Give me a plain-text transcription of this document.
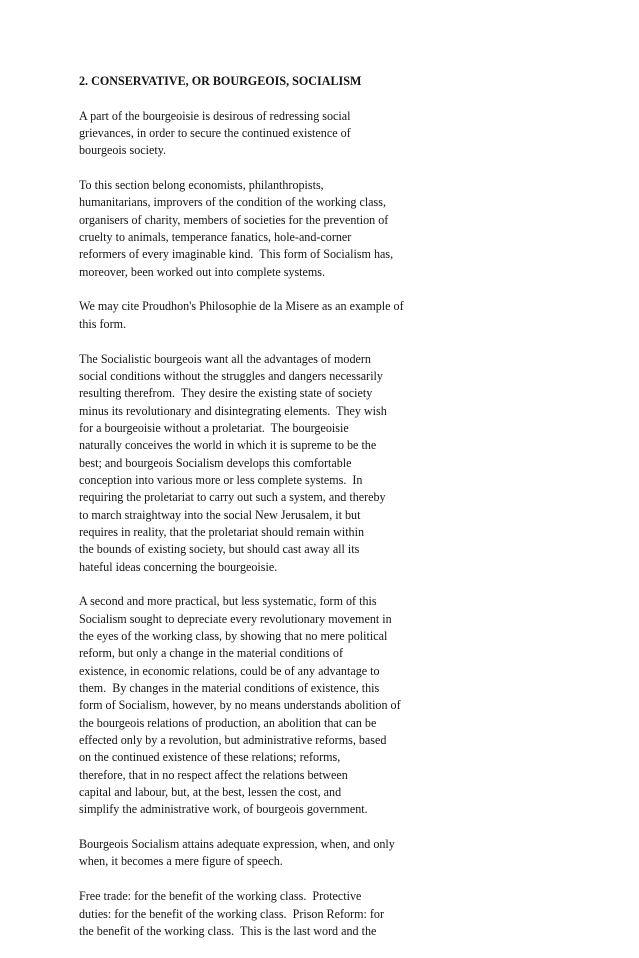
2. CONSERVATIVE, OR BOURGEOIS, SOCIALISM
A part of the bourgeoisie is desirous of redressing social
grievances, in order to secure the continued existence of
bourgeois society.
To this section belong economists, philanthropists,
humanitarians, improvers of the condition of the working class,
organisers of charity, members of societies for the prevention of
cruelty to animals, temperance fanatics, hole-and-corner
reformers of every imaginable kind.  This form of Socialism has,
moreover, been worked out into complete systems.
We may cite Proudhon's Philosophie de la Misere as an example of
this form.
The Socialistic bourgeois want all the advantages of modern
social conditions without the struggles and dangers necessarily
resulting therefrom.  They desire the existing state of society
minus its revolutionary and disintegrating elements.  They wish
for a bourgeoisie without a proletariat.  The bourgeoisie
naturally conceives the world in which it is supreme to be the
best; and bourgeois Socialism develops this comfortable
conception into various more or less complete systems.  In
requiring the proletariat to carry out such a system, and thereby
to march straightway into the social New Jerusalem, it but
requires in reality, that the proletariat should remain within
the bounds of existing society, but should cast away all its
hateful ideas concerning the bourgeoisie.
A second and more practical, but less systematic, form of this
Socialism sought to depreciate every revolutionary movement in
the eyes of the working class, by showing that no mere political
reform, but only a change in the material conditions of
existence, in economic relations, could be of any advantage to
them.  By changes in the material conditions of existence, this
form of Socialism, however, by no means understands abolition of
the bourgeois relations of production, an abolition that can be
effected only by a revolution, but administrative reforms, based
on the continued existence of these relations; reforms,
therefore, that in no respect affect the relations between
capital and labour, but, at the best, lessen the cost, and
simplify the administrative work, of bourgeois government.
Bourgeois Socialism attains adequate expression, when, and only
when, it becomes a mere figure of speech.
Free trade: for the benefit of the working class.  Protective
duties: for the benefit of the working class.  Prison Reform: for
the benefit of the working class.  This is the last word and the
